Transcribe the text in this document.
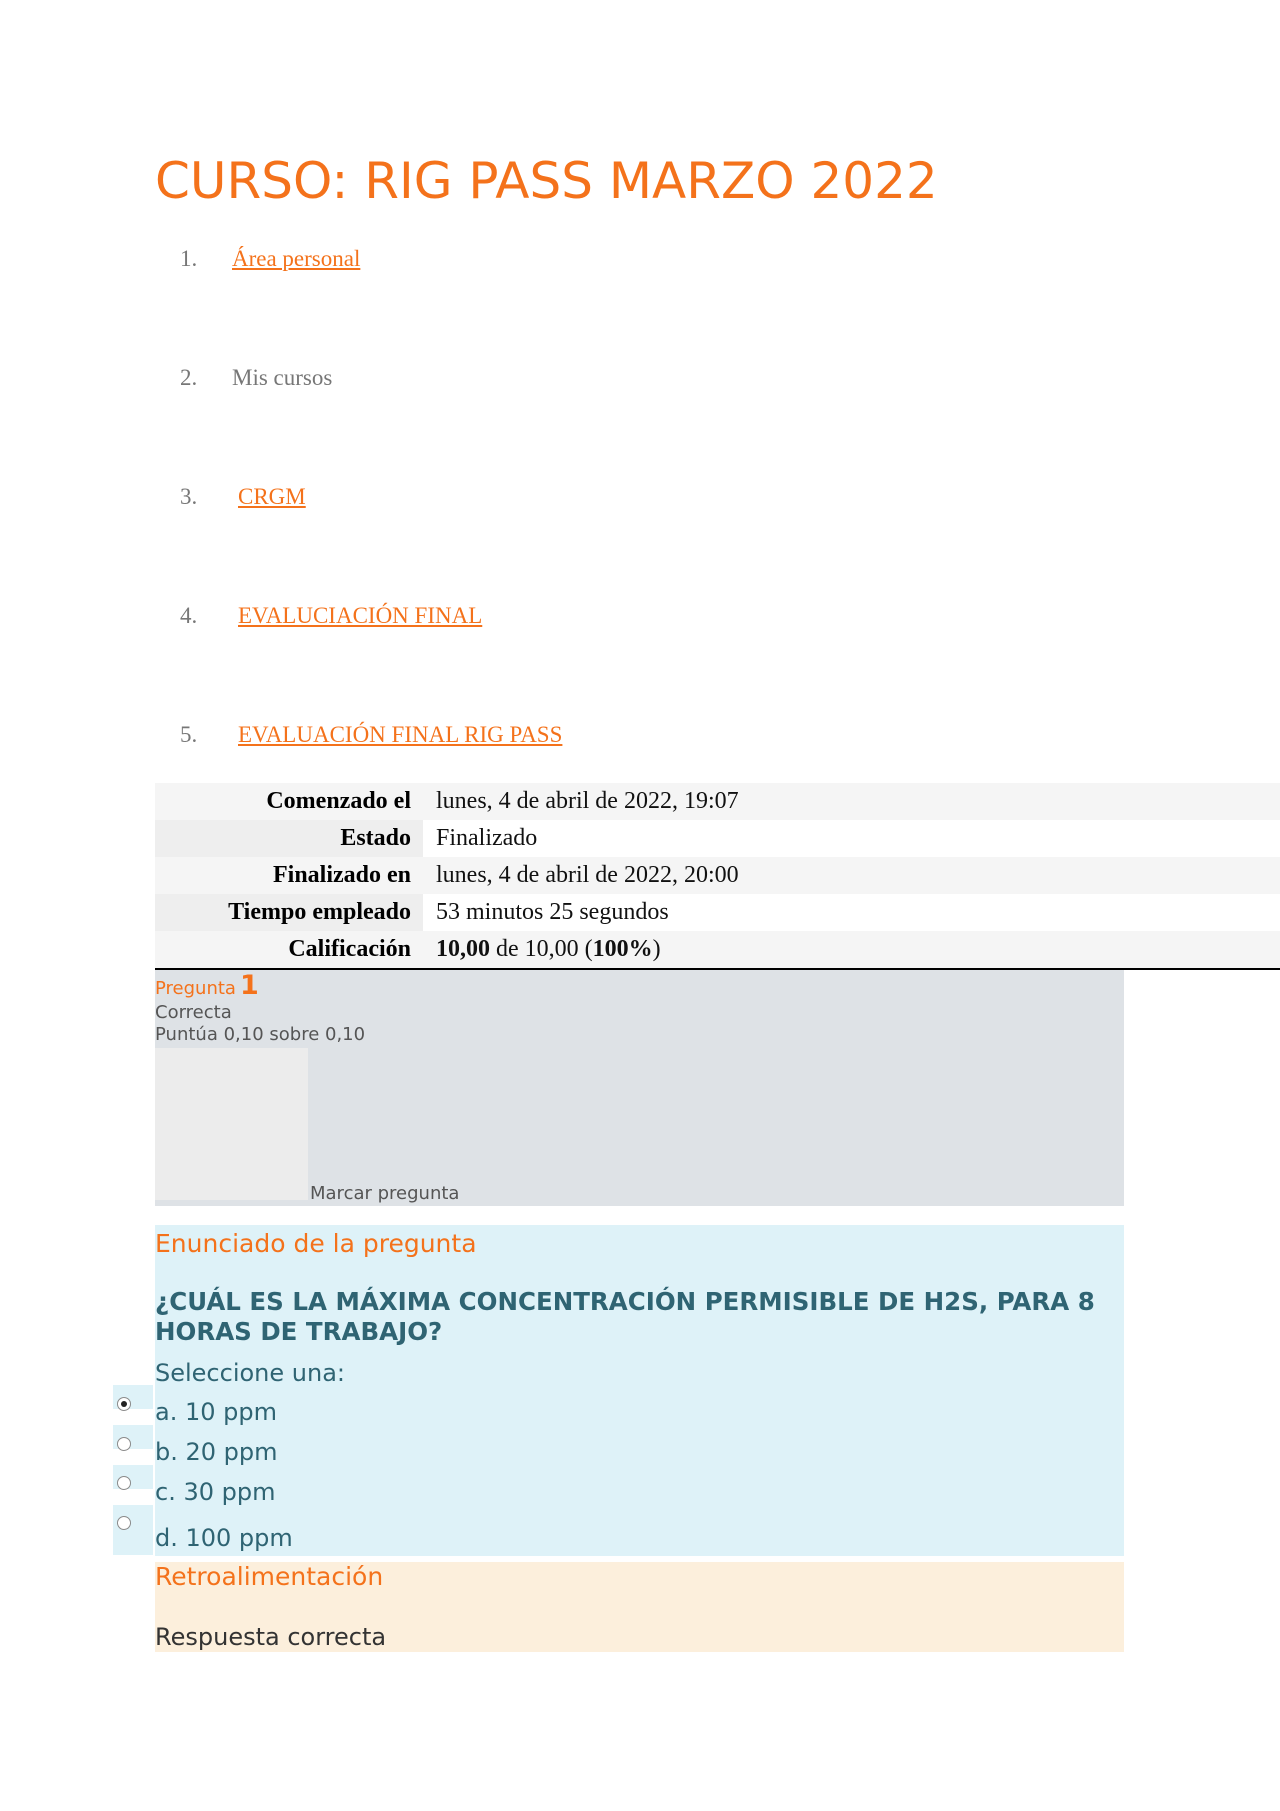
CURSO: RIG PASS MARZO 2022
1. Área personal
2. Mis cursos
3. CRGM
4. EVALUCIACIÓN FINAL
5. EVALUACIÓN FINAL RIG PASS
Comenzado el	lunes, 4 de abril de 2022, 19:07
Estado	Finalizado
Finalizado en	lunes, 4 de abril de 2022, 20:00
Tiempo empleado	53 minutos 25 segundos
Calificación	10,00 de 10,00 (100%)
Pregunta 1
Correcta
Puntúa 0,10 sobre 0,10
Marcar pregunta
Enunciado de la pregunta

¿CUÁL ES LA MÁXIMA CONCENTRACIÓN PERMISIBLE DE H2S, PARA 8 HORAS DE TRABAJO?

Seleccione una:
a. 10 ppm
b. 20 ppm
c. 30 ppm
d. 100 ppm
Retroalimentación
Respuesta correcta
